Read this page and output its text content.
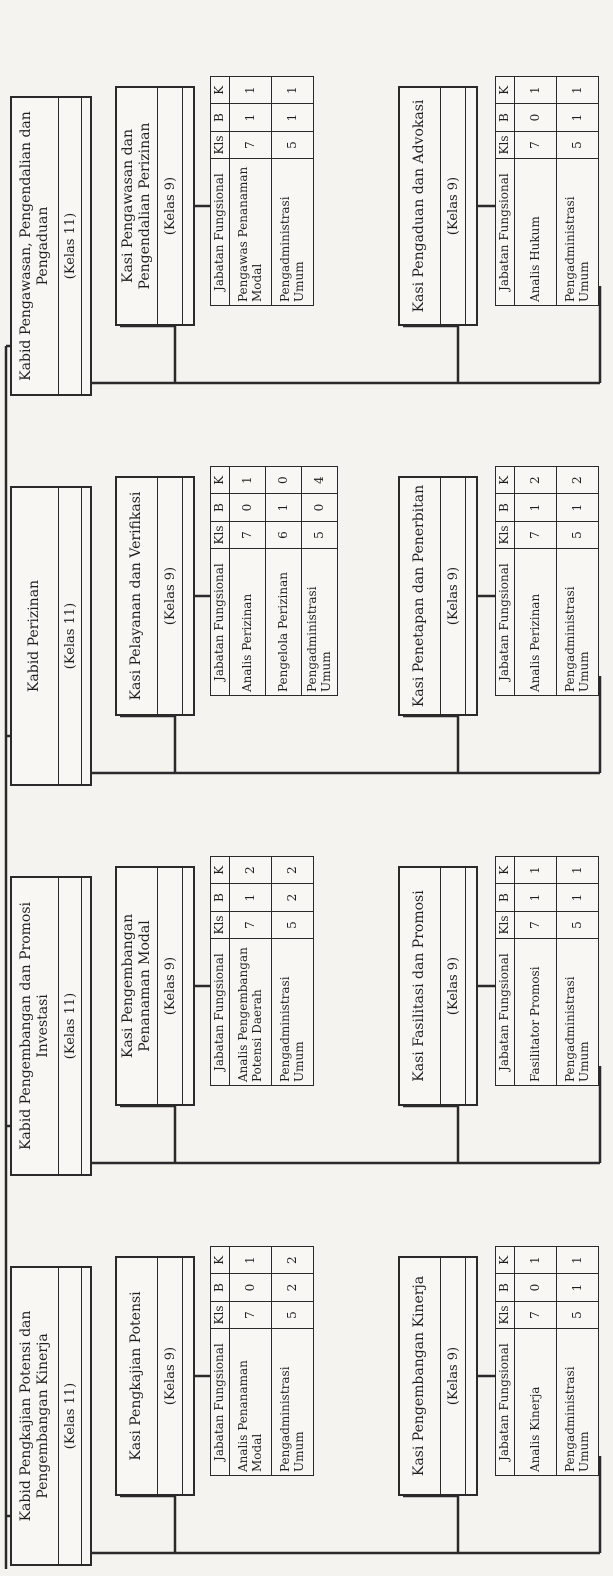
Kabid Pengkajian Potensi dan Pengembangan Kinerja (Kelas 11)	Kasi Pengkajian Potensi	(Kelas 9)	Jabatan Fungsional	Kls	B	K
Analis Penanaman Modal	7	0	1
Pengadministrasi Umum	5	2	2
Kasi Pengembangan Kinerja	(Kelas 9)	Jabatan Fungsional	Kls	B	K
Analis Kinerja	7	0	1
Pengadministrasi Umum	5	1	1
Kabid Pengembangan dan Promosi Investasi (Kelas 11)	Kasi Pengembangan Penanaman Modal (Kelas 9)	Jabatan Fungsional	Kls	B	K
Analis Pengembangan Potensi Daerah	7	1	2
Pengadministrasi Umum	5	2	2
Kasi Fasilitasi dan Promosi	(Kelas 9)	Jabatan Fungsional	Kls	B	K
Fasilitator Promosi	7	1	1
Pengadministrasi Umum	5	1	1
Kabid Perizinan	(Kelas 11)	Kasi Pelayanan dan Verifikasi	(Kelas 9)	Jabatan Fungsional	Kls	B	K
Analis Perizinan	7	0	1
Pengelola Perizinan	6	1	0
Pengadministrasi Umum	5	0	4
Kasi Penetapan dan Penerbitan	(Kelas 9)	Jabatan Fungsional	Kls	B	K
Analis Perizinan	7	1	2
Pengadministrasi Umum	5	1	2
Kabid Pengawasan, Pengendalian dan Pengaduan (Kelas 11)	Kasi Pengawasan dan Pengendalian Perizinan (Kelas 9)	Jabatan Fungsional	Kls	B	K
Pengawas Penanaman Modal	7	1	1
Pengadministrasi Umum	5	1	1
Kasi Pengaduan dan Advokasi	(Kelas 9)	Jabatan Fungsional	Kls	B	K
Analis Hukum	7	0	1
Pengadministrasi Umum	5	1	1
